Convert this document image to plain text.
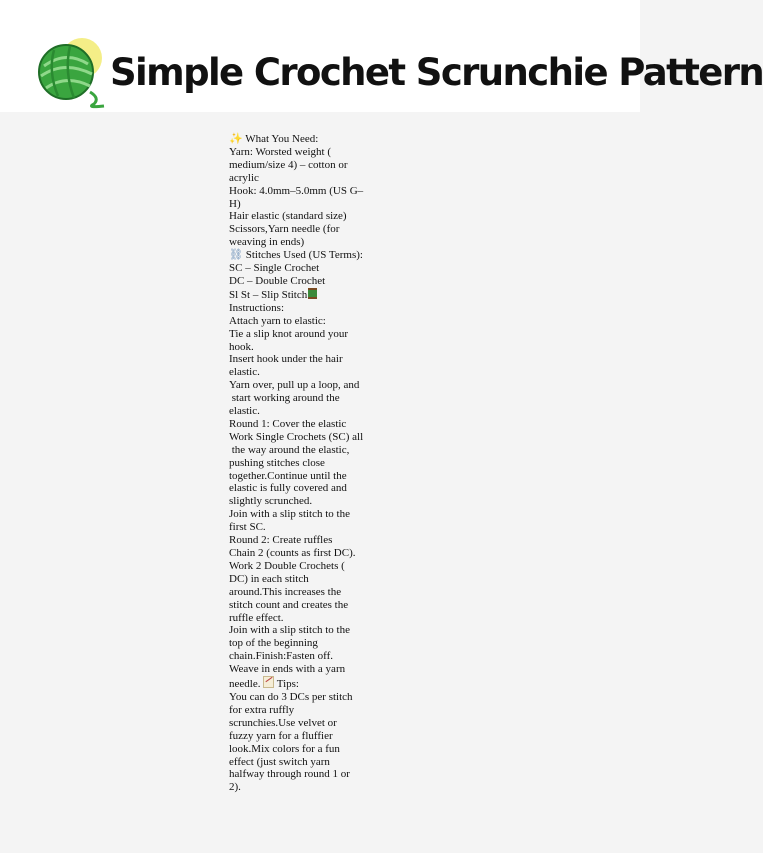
Simple Crochet Scrunchie Pattern
✨ What You Need:
Yarn: Worsted weight (
medium/size 4) – cotton or
acrylic
Hook: 4.0mm–5.0mm (US G–
H)
Hair elastic (standard size)
Scissors,Yarn needle (for
weaving in ends)
⛓ Stitches Used (US Terms):
SC – Single Crochet
DC – Double Crochet
Sl St – Slip Stitch
Instructions:
Attach yarn to elastic:
Tie a slip knot around your
hook.
Insert hook under the hair
elastic.
Yarn over, pull up a loop, and
start working around the
elastic.
Round 1: Cover the elastic
Work Single Crochets (SC) all
the way around the elastic,
pushing stitches close
together.Continue until the
elastic is fully covered and
slightly scrunched.
Join with a slip stitch to the
first SC.
Round 2: Create ruffles
Chain 2 (counts as first DC).
Work 2 Double Crochets (
DC) in each stitch
around.This increases the
stitch count and creates the
ruffle effect.
Join with a slip stitch to the
top of the beginning
chain.Finish:Fasten off.
Weave in ends with a yarn
needle.  Tips:
You can do 3 DCs per stitch
for extra ruffly
scrunchies.Use velvet or
fuzzy yarn for a fluffier
look.Mix colors for a fun
effect (just switch yarn
halfway through round 1 or
2).
